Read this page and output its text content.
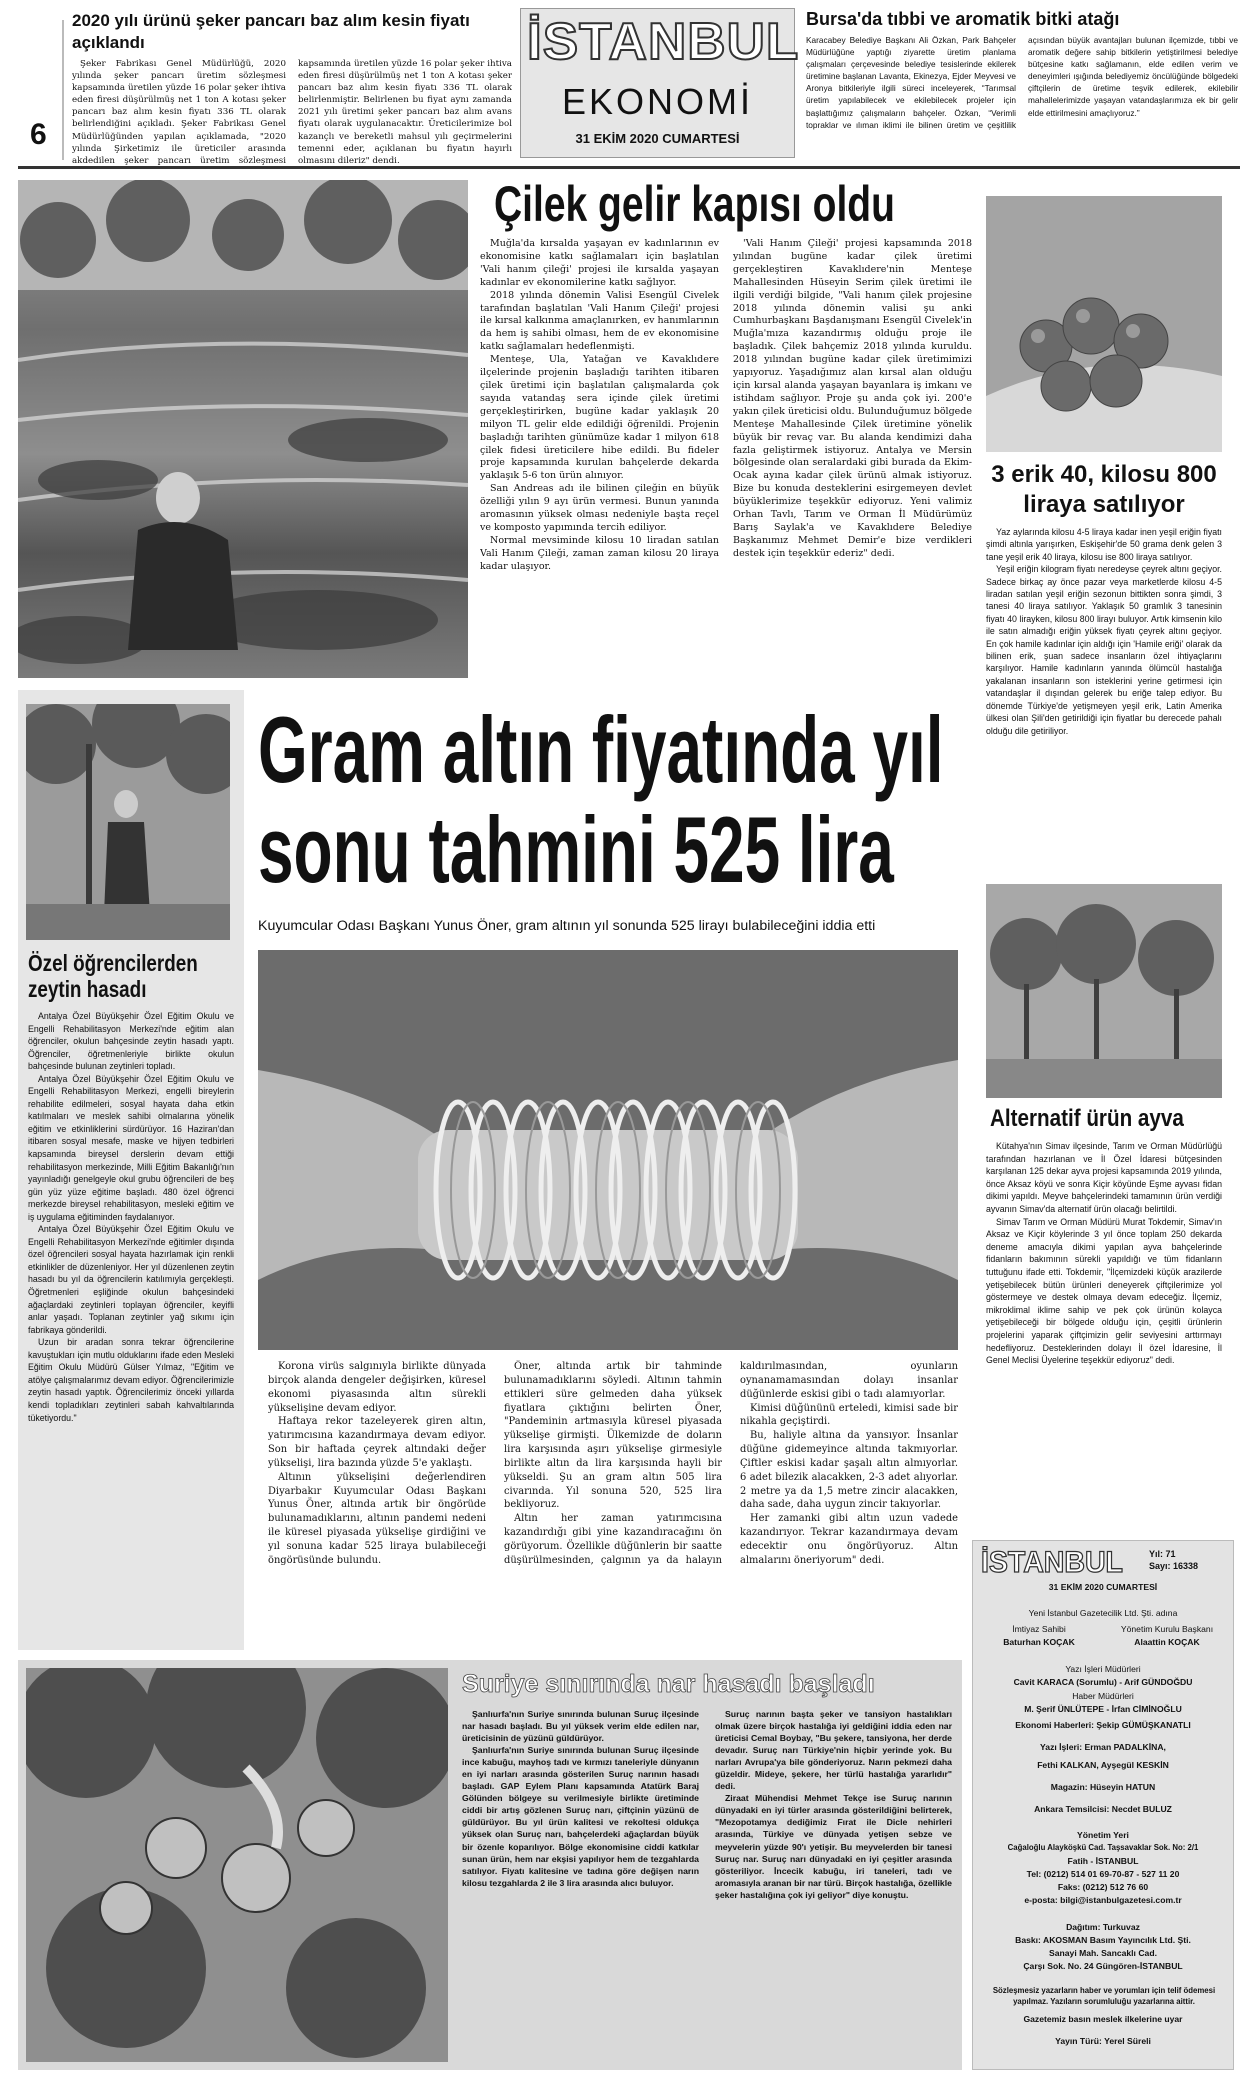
6
2020 yılı ürünü şeker pancarı baz alım kesin fiyatı açıklandı
Şeker Fabrikası Genel Müdürlüğü, 2020 yılında şeker pancarı üretim sözleşmesi kapsamında üretilen yüzde 16 polar şeker ihtiva eden firesi düşürülmüş net 1 ton A kotası şeker pancarı baz alım kesin fiyatı 336 TL olarak belirlendiğini açıkladı. Şeker Fabrikası Genel Müdürlüğünden yapılan açıklamada, "2020 yılında Şirketimiz ile üreticiler arasında akdedilen şeker pancarı üretim sözleşmesi kapsamında üretilen yüzde 16 polar şeker ihtiva eden firesi düşürülmüş net 1 ton A kotası şeker pancarı baz alım kesin fiyatı 336 TL olarak belirlenmiştir. Belirlenen bu fiyat aynı zamanda 2021 yılı üretimi şeker pancarı baz alım avans fiyatı olarak uygulanacaktır. Üreticilerimize bol kazançlı ve bereketli mahsul yılı geçirmelerini temenni eder, açıklanan bu fiyatın hayırlı olmasını dileriz" dendi.
İSTANBUL
EKONOMİ
31 EKİM 2020 CUMARTESİ
Bursa'da tıbbi ve aromatik bitki atağı
Karacabey Belediye Başkanı Ali Özkan, Park Bahçeler Müdürlüğüne yaptığı ziyarette üretim planlama çalışmaları çerçevesinde belediye tesislerinde ekilerek üretimine başlanan Lavanta, Ekinezya, Ejder Meyvesi ve Aronya bitkileriyle ilgili süreci inceleyerek, “Tarımsal üretim yapılabilecek ve ekilebilecek projeler için başlattığımız çalışmaların bahçeler. Özkan, “Verimli topraklar ve ılıman iklimi ile bilinen üretim ve çeşitlilik açısından büyük avantajları bulunan ilçemizde, tıbbi ve aromatik değere sahip bitkilerin yetiştirilmesi belediye bütçesine katkı sağlamanın, elde edilen verim ve deneyimleri ışığında belediyemiz öncülüğünde bölgedeki çiftçilerin de üretime teşvik edilerek, ekilebilir mahallelerimizde yaşayan vatandaşlarımıza ek bir gelir elde ettirilmesini amaçlıyoruz.”
Çilek gelir kapısı oldu

Muğla'da kırsalda yaşayan ev kadınlarının ev ekonomisine katkı sağlamaları için başlatılan 'Vali hanım çileği' projesi ile kırsalda yaşayan kadınlar ev ekonomilerine katkı sağlıyor.

2018 yılında dönemin Valisi Esengül Civelek tarafından başlatılan 'Vali Hanım Çileği' projesi ile kırsal kalkınma amaçlanırken, ev hanımlarının da hem iş sahibi olması, hem de ev ekonomisine katkı sağlamaları hedeflenmişti.

Menteşe, Ula, Yatağan ve Kavaklıdere ilçelerinde projenin başladığı tarihten itibaren çilek üretimi için başlatılan çalışmalarda çok sayıda vatandaş sera içinde çilek üretimi gerçekleştirirken, bugüne kadar yaklaşık 20 milyon TL gelir elde edildiği öğrenildi. Projenin başladığı tarihten günümüze kadar 1 milyon 618 çilek fidesi üreticilere hibe edildi. Bu fideler proje kapsamında kurulan bahçelerde dekarda yaklaşık 5-6 ton ürün alınıyor.

San Andreas adı ile bilinen çileğin en büyük özelliği yılın 9 ayı ürün vermesi. Bunun yanında aromasının yüksek olması nedeniyle başta reçel ve komposto yapımında tercih ediliyor.

Normal mevsiminde kilosu 10 liradan satılan Vali Hanım Çileği, zaman zaman kilosu 20 liraya kadar ulaşıyor.

'Vali Hanım Çileği' projesi kapsamında 2018 yılından bugüne kadar çilek üretimi gerçekleştiren Kavaklıdere'nin Menteşe Mahallesinden Hüseyin Serim çilek üretimi ile ilgili verdiği bilgide, "Vali hanım çilek projesine 2018 yılında dönemin valisi şu anki Cumhurbaşkanı Başdanışmanı Esengül Civelek'in Muğla'mıza kazandırmış olduğu proje ile başladık. Çilek bahçemiz 2018 yılında kuruldu. 2018 yılından bugüne kadar çilek üretimimizi yapıyoruz. Yaşadığımız alan kırsal alan olduğu için kırsal alanda yaşayan bayanlara iş imkanı ve istihdam sağlıyor. Proje şu anda çok iyi. 200'e yakın çilek üreticisi oldu. Bulunduğumuz bölgede Menteşe Mahallesinde Çilek üretimine yönelik büyük bir revaç var. Bu alanda kendimizi daha fazla geliştirmek istiyoruz. Antalya ve Mersin bölgesinde olan seralardaki gibi burada da Ekim-Ocak ayına kadar çilek ürünü almak istiyoruz. Bize bu konuda desteklerini esirgemeyen devlet büyüklerimize teşekkür ediyoruz. Yeni valimiz Orhan Tavlı, Tarım ve Orman İl Müdürümüz Barış Saylak'a ve Kavaklıdere Belediye Başkanımız Mehmet Demir'e bize verdikleri destek için teşekkür ederiz" dedi.

3 erik 40, kilosu 800 liraya satılıyor

Yaz aylarında kilosu 4-5 liraya kadar inen yeşil eriğin fiyatı şimdi altınla yarışırken, Eskişehir'de 50 grama denk gelen 3 tane yeşil erik 40 liraya, kilosu ise 800 liraya satılıyor.

Yeşil eriğin kilogram fiyatı neredeyse çeyrek altını geçiyor. Sadece birkaç ay önce pazar veya marketlerde kilosu 4-5 liradan satılan yeşil eriğin sezonun bittikten sonra şimdi, 3 tanesi 40 liraya satılıyor. Yaklaşık 50 gramlık 3 tanesinin fiyatı 40 lirayken, kilosu 800 lirayı buluyor. Artık kimsenin kilo ile satın almadığı eriğin yüksek fiyatı çeyrek altını geçiyor. En çok hamile kadınlar için aldığı için 'Hamile eriği' olarak da bilinen erik, şuan sadece insanların özel ihtiyaçlarını karşılıyor. Hamile kadınların yanında ölümcül hastalığa yakalanan insanların son isteklerini yerine getirmesi için vatandaşlar il dışından gelerek bu eriğe talep ediyor. Bu dönemde Türkiye'de yetişmeyen yeşil erik, Latin Amerika ülkesi olan Şili'den getirildiği için fiyatlar bu derecede pahalı olduğu dile getiriliyor.

Özel öğrencilerden zeytin hasadı

Antalya Özel Büyükşehir Özel Eğitim Okulu ve Engelli Rehabilitasyon Merkezi'nde eğitim alan öğrenciler, okulun bahçesinde zeytin hasadı yaptı. Öğrenciler, öğretmenleriyle birlikte okulun bahçesinde bulunan zeytinleri topladı.

Antalya Özel Büyükşehir Özel Eğitim Okulu ve Engelli Rehabilitasyon Merkezi, engelli bireylerin rehabilite edilmeleri, sosyal hayata daha etkin katılmaları ve meslek sahibi olmalarına yönelik eğitim ve etkinliklerini sürdürüyor. 16 Haziran'dan itibaren sosyal mesafe, maske ve hijyen tedbirleri kapsamında bireysel derslerin devam ettiği rehabilitasyon merkezinde, Milli Eğitim Bakanlığı'nın yayınladığı genelgeyle okul grubu öğrencileri de beş gün yüz yüze eğitime başladı. 480 özel öğrenci merkezde bireysel rehabilitasyon, mesleki eğitim ve iş uygulama eğitiminden faydalanıyor.

Antalya Özel Büyükşehir Özel Eğitim Okulu ve Engelli Rehabilitasyon Merkezi'nde eğitimler dışında özel öğrencileri sosyal hayata hazırlamak için renkli etkinlikler de düzenleniyor. Her yıl düzenlenen zeytin hasadı bu yıl da öğrencilerin katılımıyla gerçekleşti. Öğretmenleri eşliğinde okulun bahçesindeki ağaçlardaki zeytinleri toplayan öğrenciler, keyifli anlar yaşadı. Toplanan zeytinler yağ sıkımı için fabrikaya gönderildi.

Uzun bir aradan sonra tekrar öğrencilerine kavuştukları için mutlu olduklarını ifade eden Mesleki Eğitim Okulu Müdürü Gülser Yılmaz, "Eğitim ve atölye çalışmalarımız devam ediyor. Öğrencilerimizle zeytin hasadı yaptık. Öğrencilerimiz önceki yıllarda kendi topladıkları zeytinleri sabah kahvaltılarında tüketiyordu."

Gram altın fiyatında yıl
sonu tahmini 525 lira
Kuyumcular Odası Başkanı Yunus Öner, gram altının yıl sonunda 525 lirayı bulabileceğini iddia etti

Korona virüs salgınıyla birlikte dünyada birçok alanda dengeler değişirken, küresel ekonomi piyasasında altın sürekli yükselişine devam ediyor.

Haftaya rekor tazeleyerek giren altın, yatırımcısına kazandırmaya devam ediyor. Son bir haftada çeyrek altındaki değer yükselişi, lira bazında yüzde 5'e yaklaştı.

Altının yükselişini değerlendiren Diyarbakır Kuyumcular Odası Başkanı Yunus Öner, altında artık bir öngörüde bulunamadıklarını, altının pandemi nedeni ile küresel piyasada yükselişe girdiğini ve yıl sonuna kadar 525 liraya bulabileceği öngörüsünde bulundu.

Öner, altında artık bir tahminde bulunamadıklarını söyledi. Altının tahmin ettikleri süre gelmeden daha yüksek fiyatlara çıktığını belirten Öner, "Pandeminin artmasıyla küresel piyasada yükselişe girmişti. Ülkemizde de doların lira karşısında aşırı yükselişe girmesiyle birlikte altın da lira karşısında hayli bir yükseldi. Şu an gram altın 505 lira civarında. Yıl sonuna 520, 525 lira bekliyoruz.

Altın her zaman yatırımcısına kazandırdığı gibi yine kazandıracağını ön görüyorum. Özellikle düğünlerin bir saatte düşürülmesinden, çalgının ya da halayın kaldırılmasından, oyunların oynanamamasından dolayı insanlar düğünlerde eskisi gibi o tadı alamıyorlar.

Kimisi düğününü erteledi, kimisi sade bir nikahla geçiştirdi.

Bu, haliyle altına da yansıyor. İnsanlar düğüne gidemeyince altında takmıyorlar. Çiftler eskisi kadar şaşalı altın almıyorlar. 6 adet bilezik alacakken, 2-3 adet alıyorlar. 2 metre ya da 1,5 metre zincir alacakken, daha sade, daha uygun zincir takıyorlar.

Her zamanki gibi altın uzun vadede kazandırıyor. Tekrar kazandırmaya devam edecektir onu öngörüyoruz. Altın almalarını öneriyorum" dedi.

Alternatif ürün ayva

Kütahya'nın Simav ilçesinde, Tarım ve Orman Müdürlüğü tarafından hazırlanan ve İl Özel İdaresi bütçesinden karşılanan 125 dekar ayva projesi kapsamında 2019 yılında, önce Aksaz köyü ve sonra Kiçir köyünde Eşme ayvası fidan dikimi yapıldı. Meyve bahçelerindeki tamamının ürün verdiği ayvanın Simav'da alternatif ürün olacağı belirtildi.

Simav Tarım ve Orman Müdürü Murat Tokdemir, Simav'ın Aksaz ve Kiçir köylerinde 3 yıl önce toplam 250 dekarda deneme amacıyla dikimi yapılan ayva bahçelerinde fidanların bakımının sürekli yapıldığı ve tüm fidanların tuttuğunu ifade etti. Tokdemir, "İlçemizdeki küçük arazilerde yetişebilecek bütün ürünleri deneyerek çiftçilerimize yol göstermeye ve destek olmaya devam edeceğiz. İlçemiz, mikroklimal iklime sahip ve pek çok ürünün kolayca yetişebileceği bir bölgede olduğu için, çeşitli ürünlerin projelerini yaparak çiftçimizin gelir seviyesini arttırmayı hedefliyoruz. Desteklerinden dolayı İl özel İdaresine, İl Genel Meclisi Üyelerine teşekkür ediyoruz" dedi.

İSTANBUL	Yıl: 71
Sayı: 16338
31 EKİM 2020 CUMARTESİ
Yeni İstanbul Gazetecilik Ltd. Şti. adına
İmtiyaz Sahibi
Baturhan KOÇAK
Yönetim Kurulu Başkanı
Alaattin KOÇAK
Yazı İşleri Müdürleri
Cavit KARACA (Sorumlu) - Arif GÜNDOĞDU
Haber Müdürleri
M. Şerif ÜNLÜTEPE - İrfan CİMİNOĞLU
Ekonomi Haberleri: Şekip GÜMÜŞKANATLI
Yazı İşleri: Erman PADALKİNA,
Fethi KALKAN, Ayşegül KESKİN
Magazin: Hüseyin HATUN
Ankara Temsilcisi: Necdet BULUZ
Yönetim Yeri
Cağaloğlu Alayköşkü Cad. Taşsavaklar Sok. No: 2/1
Fatih - İSTANBUL
Tel: (0212) 514 01 69-70-87 - 527 11 20
Faks: (0212) 512 76 60
e-posta: bilgi@istanbulgazetesi.com.tr
Dağıtım: Turkuvaz
Baskı: AKOSMAN Basım Yayıncılık Ltd. Şti.
Sanayi Mah. Sancaklı Cad.
Çarşı Sok. No. 24 Güngören-İSTANBUL
Sözleşmesiz yazarların haber ve yorumları için telif ödemesi yapılmaz. Yazıların sorumluluğu yazarlarına aittir.
Gazetemiz basın meslek ilkelerine uyar
Yayın Türü: Yerel Süreli
Suriye sınırında nar hasadı başladı

Şanlıurfa'nın Suriye sınırında bulunan Suruç ilçesinde nar hasadı başladı. Bu yıl yüksek verim elde edilen nar, üreticisinin de yüzünü güldürüyor.

Şanlıurfa'nın Suriye sınırında bulunan Suruç ilçesinde ince kabuğu, mayhoş tadı ve kırmızı taneleriyle dünyanın en iyi narları arasında gösterilen Suruç narının hasadı başladı. GAP Eylem Planı kapsamında Atatürk Baraj Gölünden bölgeye su verilmesiyle birlikte üretiminde ciddi bir artış gözlenen Suruç narı, çiftçinin yüzünü de güldürüyor. Bu yıl ürün kalitesi ve rekoltesi oldukça yüksek olan Suruç narı, bahçelerdeki ağaçlardan büyük bir özenle koparılıyor. Bölge ekonomisine ciddi katkılar sunan ürün, hem nar ekşisi yapılıyor hem de tezgahlarda satılıyor. Fiyatı kalitesine ve tadına göre değişen narın kilosu tezgahlarda 2 ile 3 lira arasında alıcı buluyor.

Suruç narının başta şeker ve tansiyon hastalıkları olmak üzere birçok hastalığa iyi geldiğini iddia eden nar üreticisi Cemal Boybay, "Bu şekere, tansiyona, her derde devadır. Suruç narı Türkiye'nin hiçbir yerinde yok. Bu narları Avrupa'ya bile gönderiyoruz. Narın pekmezi daha güzeldir. Mideye, şekere, her türlü hastalığa yararlıdır" dedi.

Ziraat Mühendisi Mehmet Tekçe ise Suruç narının dünyadaki en iyi türler arasında gösterildiğini belirterek, "Mezopotamya dediğimiz Fırat ile Dicle nehirleri arasında, Türkiye ve dünyada yetişen sebze ve meyvelerin yüzde 90'ı yetişir. Bu meyvelerden bir tanesi Suruç nar. Suruç narı dünyadaki en iyi çeşitler arasında gösteriliyor. İncecik kabuğu, iri taneleri, tadı ve aromasıyla aranan bir nar türü. Birçok hastalığa, özellikle şeker hastalığına çok iyi geliyor" diye konuştu.
